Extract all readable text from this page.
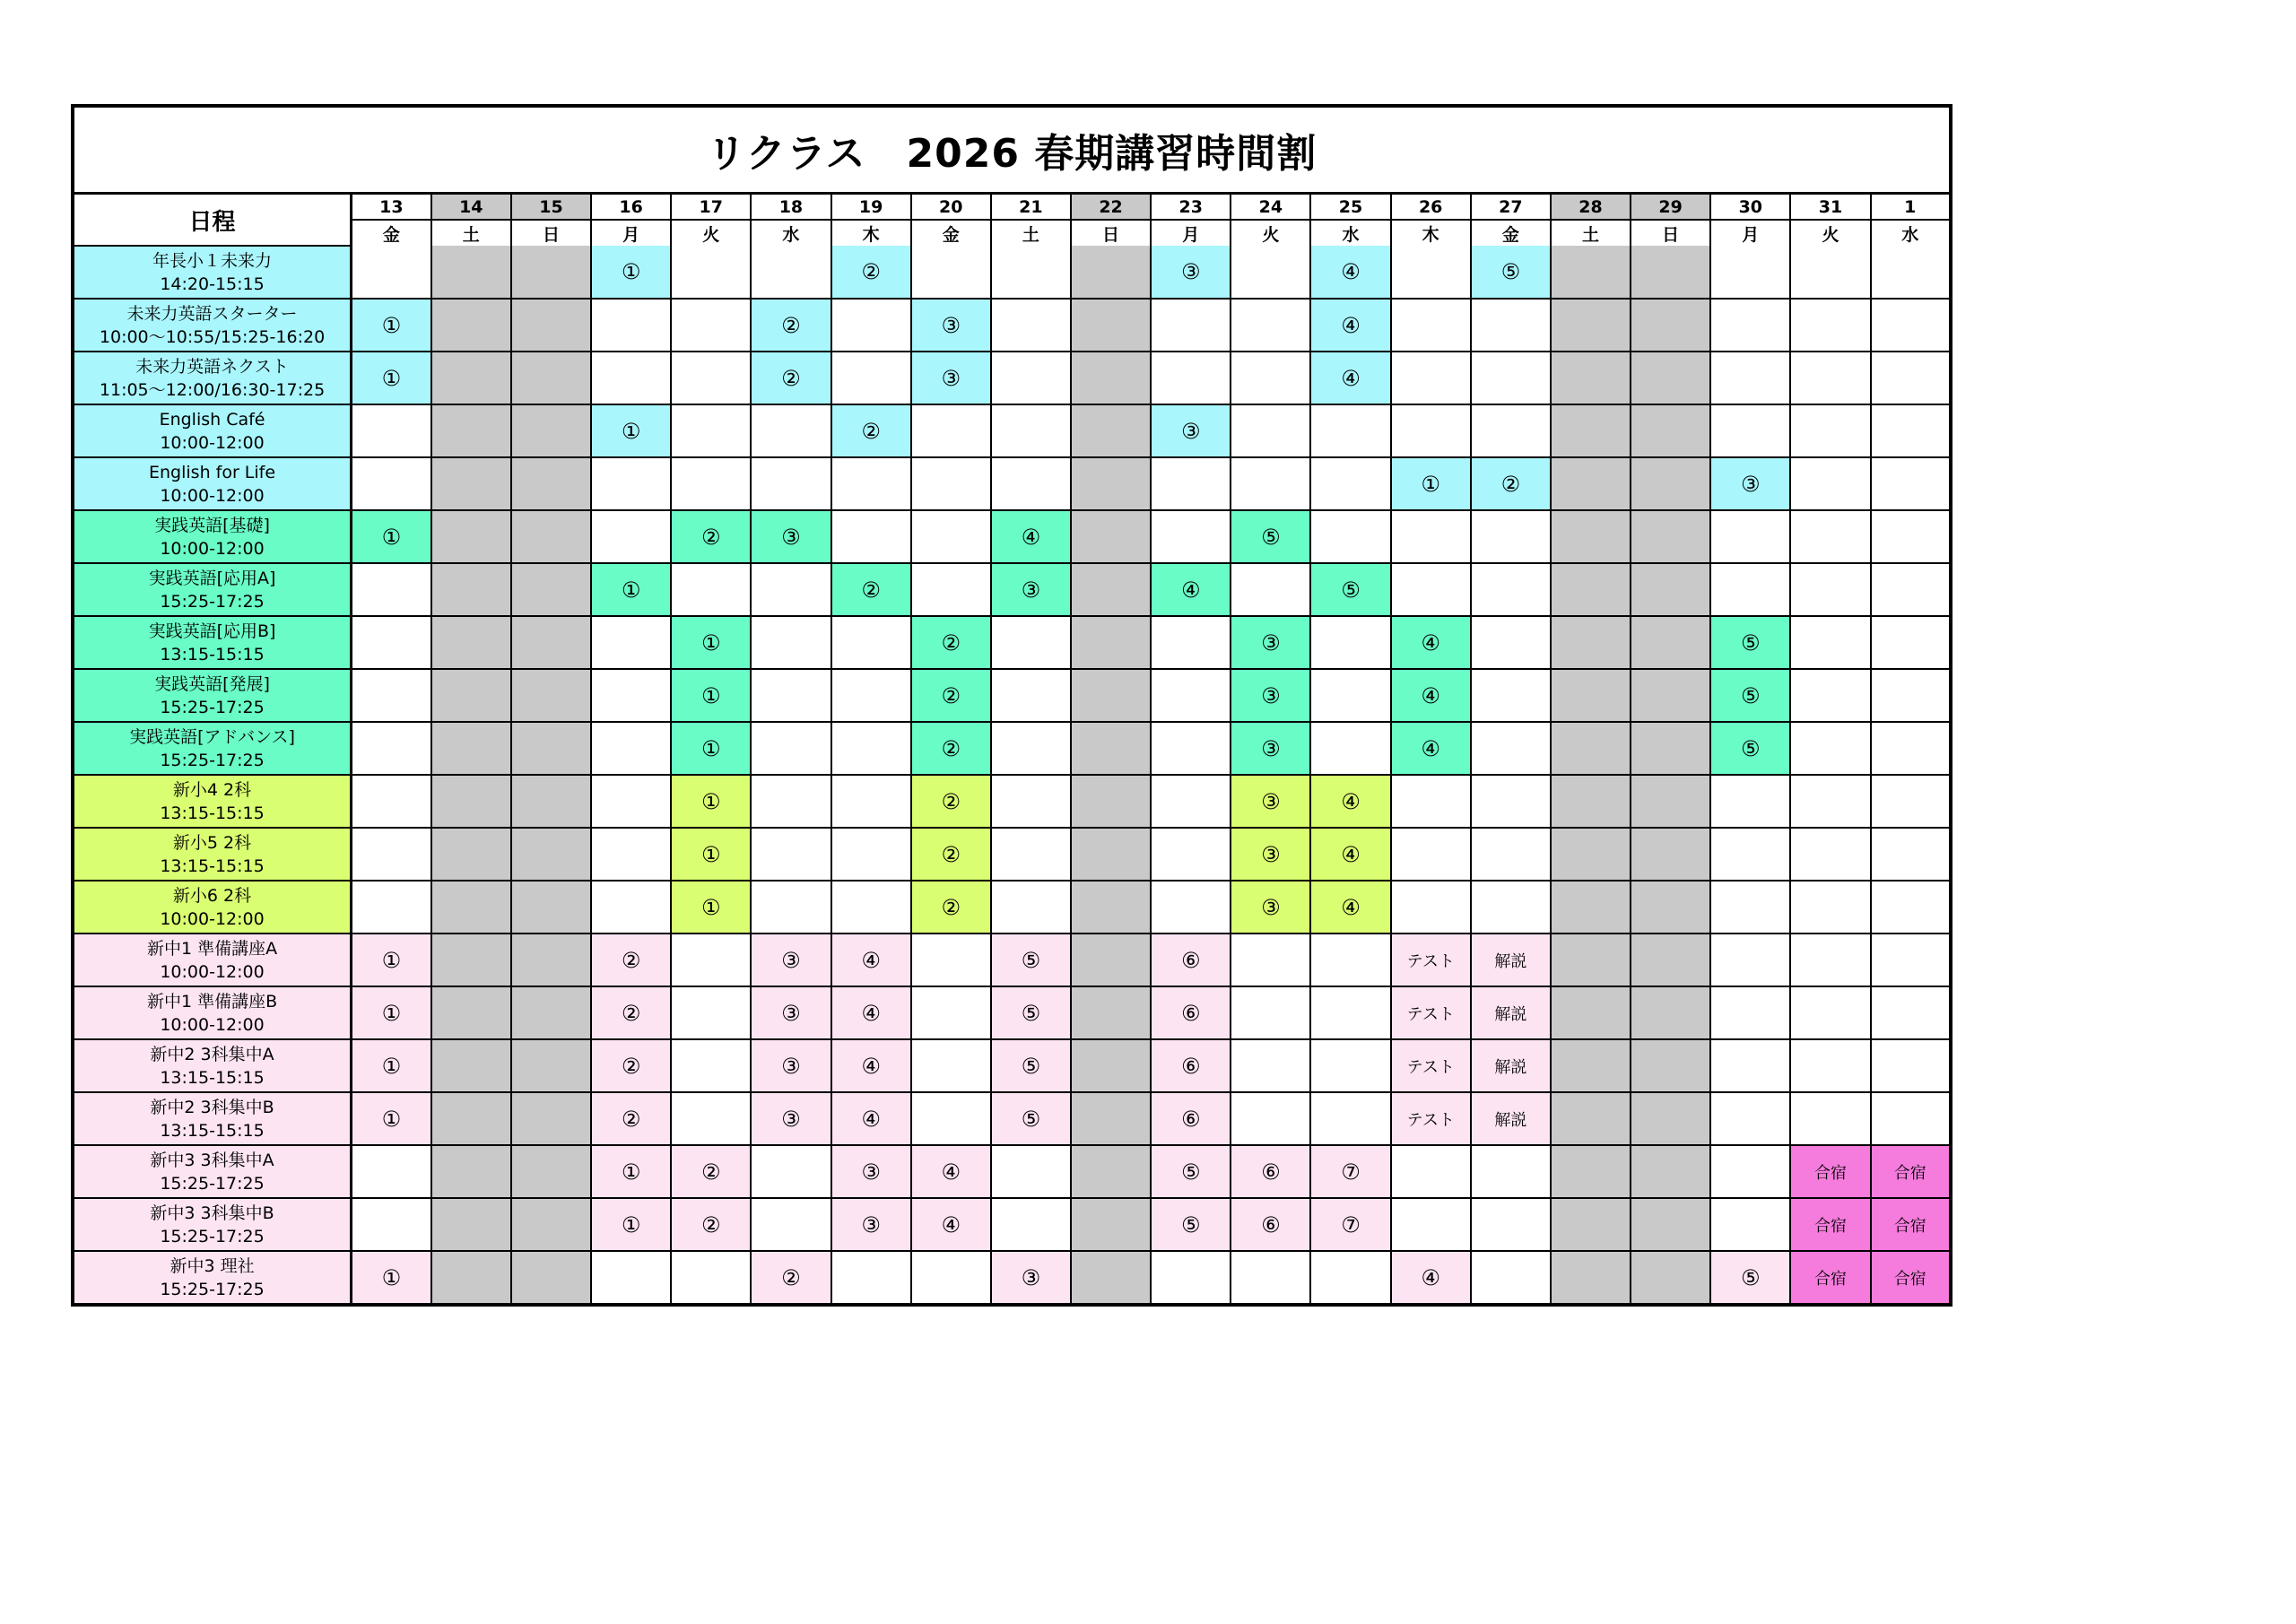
リクラス　2026 春期講習時間割
日程	13	14	15	16	17	18	19	20	21	22	23	24	25	26	27	28	29	30	31	1
	金	土	日	月	火	水	木	金	土	日	月	火	水	木	金	土	日	月	火	水

年長小１未来力
14:20-15:15				①			②				③		④		⑤					

未来力英語スターター
10:00～10:55/15:25-16:20	①					②		③					④							

未来力英語ネクスト
11:05～12:00/16:30-17:25	①					②		③					④							

English Café
10:00-12:00				①			②				③									

English for Life
10:00-12:00														①	②			③		

実践英語[基礎]
10:00-12:00	①				②	③			④			⑤								

実践英語[応用A]
15:25-17:25				①			②		③		④		⑤							

実践英語[応用B]
13:15-15:15					①			②				③		④				⑤		

実践英語[発展]
15:25-17:25					①			②				③		④				⑤		

実践英語[アドバンス]
15:25-17:25					①			②				③		④				⑤		

新小4 2科
13:15-15:15					①			②				③	④							

新小5 2科
13:15-15:15					①			②				③	④							

新小6 2科
10:00-12:00					①			②				③	④							

新中1 準備講座A
10:00-12:00	①			②		③	④		⑤		⑥			テスト	解説					

新中1 準備講座B
10:00-12:00	①			②		③	④		⑤		⑥			テスト	解説					

新中2 3科集中A
13:15-15:15	①			②		③	④		⑤		⑥			テスト	解説					

新中2 3科集中B
13:15-15:15	①			②		③	④		⑤		⑥			テスト	解説					

新中3 3科集中A
15:25-17:25				①	②		③	④			⑤	⑥	⑦						合宿	合宿

新中3 3科集中B
15:25-17:25				①	②		③	④			⑤	⑥	⑦						合宿	合宿

新中3 理社
15:25-17:25	①					②			③					④				⑤	合宿	合宿
